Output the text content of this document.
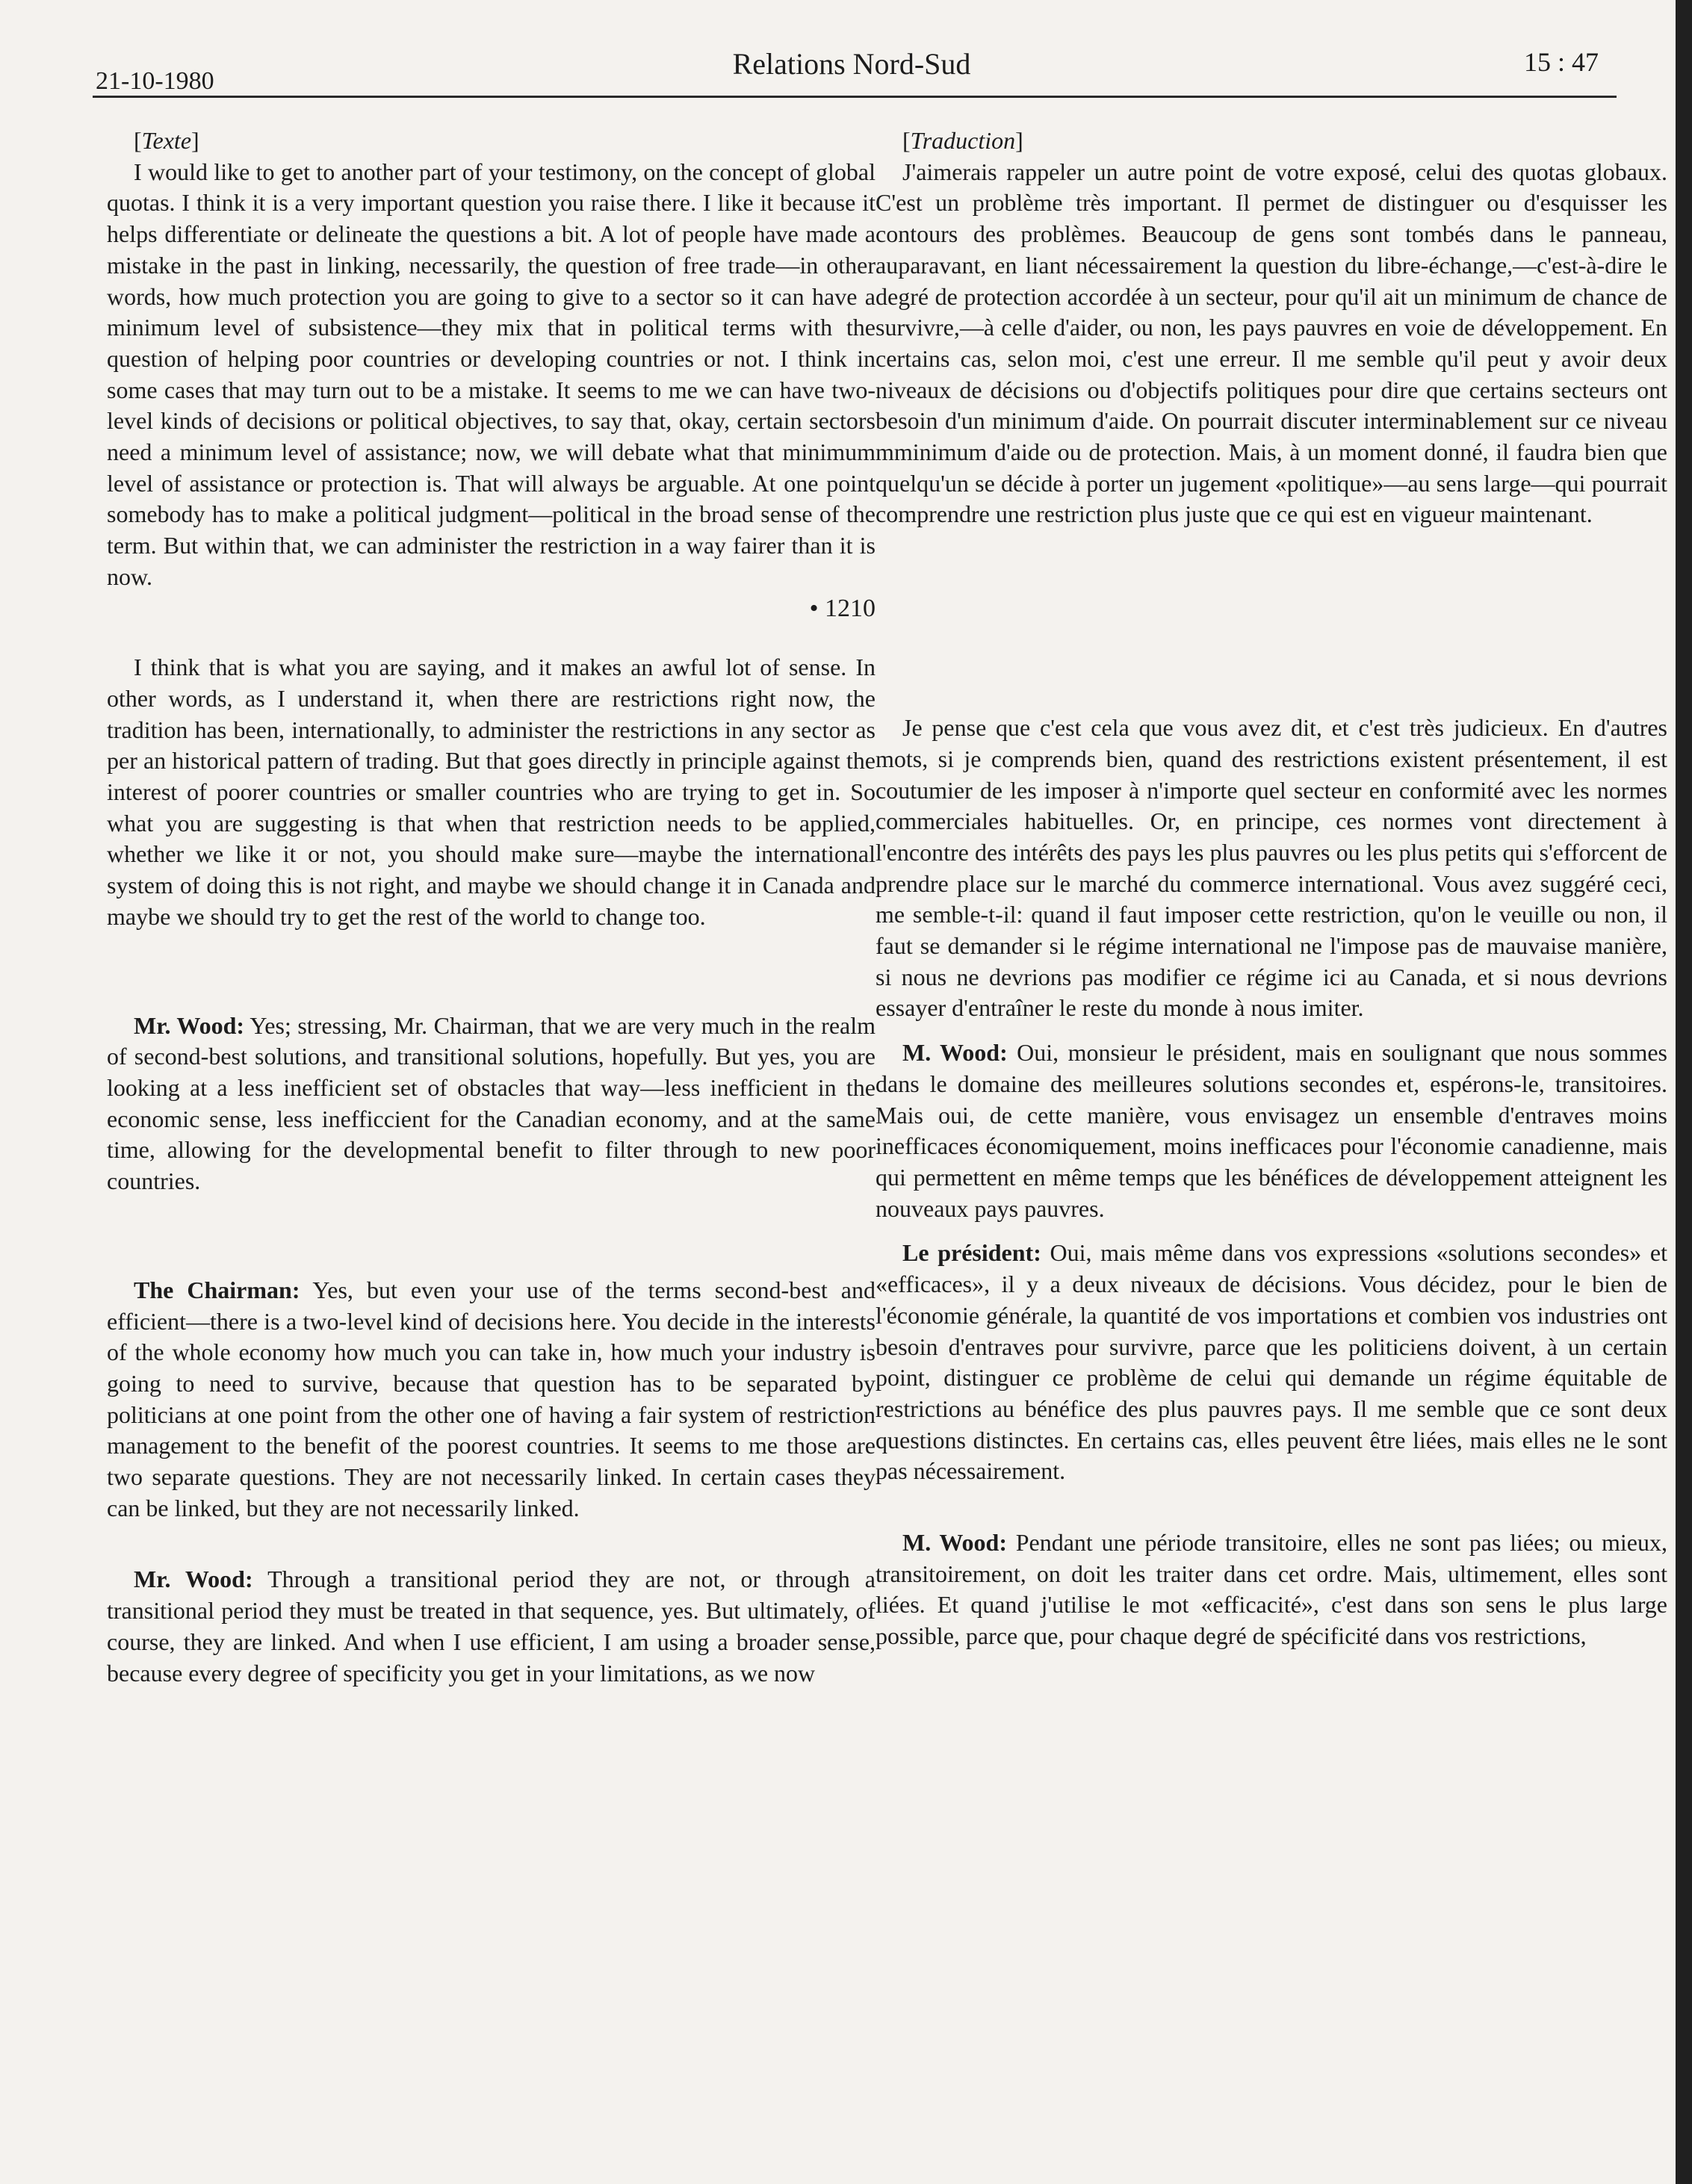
21-10-1980
Relations Nord-Sud	15 : 47

[Texte]

I would like to get to another part of your testimony, on the concept of global quotas. I think it is a very important question you raise there. I like it because it helps differentiate or delineate the questions a bit. A lot of people have made a mistake in the past in linking, necessarily, the question of free trade—in other words, how much protection you are going to give to a sector so it can have a minimum level of subsistence—they mix that in political terms with the question of helping poor countries or developing countries or not. I think in some cases that may turn out to be a mistake. It seems to me we can have two-level kinds of decisions or political objectives, to say that, okay, certain sectors need a minimum level of assistance; now, we will debate what that minimum level of assistance or protection is. That will always be arguable. At one point somebody has to make a political judgment—political in the broad sense of the term. But within that, we can administer the restriction in a way fairer than it is now.

• 1210

I think that is what you are saying, and it makes an awful lot of sense. In other words, as I understand it, when there are restrictions right now, the tradition has been, internationally, to administer the restrictions in any sector as per an historical pattern of trading. But that goes directly in principle against the interest of poorer countries or smaller countries who are trying to get in. So what you are suggesting is that when that restriction needs to be applied, whether we like it or not, you should make sure—maybe the international system of doing this is not right, and maybe we should change it in Canada and maybe we should try to get the rest of the world to change too.

Mr. Wood: Yes; stressing, Mr. Chairman, that we are very much in the realm of second-best solutions, and transitional solutions, hopefully. But yes, you are looking at a less inefficient set of obstacles that way—less inefficient in the economic sense, less inefficcient for the Canadian economy, and at the same time, allowing for the developmental benefit to filter through to new poor countries.

The Chairman: Yes, but even your use of the terms second-best and efficient—there is a two-level kind of decisions here. You decide in the interests of the whole economy how much you can take in, how much your industry is going to need to survive, because that question has to be separated by politicians at one point from the other one of having a fair system of restriction management to the benefit of the poorest countries. It seems to me those are two separate questions. They are not necessarily linked. In certain cases they can be linked, but they are not necessarily linked.

Mr. Wood: Through a transitional period they are not, or through a transitional period they must be treated in that sequence, yes. But ultimately, of course, they are linked. And when I use efficient, I am using a broader sense, because every degree of specificity you get in your limitations, as we now

[Traduction]

J'aimerais rappeler un autre point de votre exposé, celui des quotas globaux. C'est un problème très important. Il permet de distinguer ou d'esquisser les contours des problèmes. Beaucoup de gens sont tombés dans le panneau, auparavant, en liant nécessairement la question du libre-échange,—c'est-à-dire le degré de protection accordée à un secteur, pour qu'il ait un minimum de chance de survivre,—à celle d'aider, ou non, les pays pauvres en voie de développement. En certains cas, selon moi, c'est une erreur. Il me semble qu'il peut y avoir deux niveaux de décisions ou d'objectifs politiques pour dire que certains secteurs ont besoin d'un minimum d'aide. On pourrait discuter interminablement sur ce niveau mminimum d'aide ou de protection. Mais, à un moment donné, il faudra bien que quelqu'un se décide à porter un jugement «politique»—au sens large—qui pourrait comprendre une restriction plus juste que ce qui est en vigueur maintenant.

Je pense que c'est cela que vous avez dit, et c'est très judicieux. En d'autres mots, si je comprends bien, quand des restrictions existent présentement, il est coutumier de les imposer à n'importe quel secteur en conformité avec les normes commerciales habituelles. Or, en principe, ces normes vont directement à l'encontre des intérêts des pays les plus pauvres ou les plus petits qui s'efforcent de prendre place sur le marché du commerce international. Vous avez suggéré ceci, me semble-t-il: quand il faut imposer cette restriction, qu'on le veuille ou non, il faut se demander si le régime international ne l'impose pas de mauvaise manière, si nous ne devrions pas modifier ce régime ici au Canada, et si nous devrions essayer d'entraîner le reste du monde à nous imiter.

M. Wood: Oui, monsieur le président, mais en soulignant que nous sommes dans le domaine des meilleures solutions secondes et, espérons-le, transitoires. Mais oui, de cette manière, vous envisagez un ensemble d'entraves moins inefficaces économiquement, moins inefficaces pour l'économie canadienne, mais qui permettent en même temps que les bénéfices de développement atteignent les nouveaux pays pauvres.

Le président: Oui, mais même dans vos expressions «solutions secondes» et «efficaces», il y a deux niveaux de décisions. Vous décidez, pour le bien de l'économie générale, la quantité de vos importations et combien vos industries ont besoin d'entraves pour survivre, parce que les politiciens doivent, à un certain point, distinguer ce problème de celui qui demande un régime équitable de restrictions au bénéfice des plus pauvres pays. Il me semble que ce sont deux questions distinctes. En certains cas, elles peuvent être liées, mais elles ne le sont pas nécessairement.

M. Wood: Pendant une période transitoire, elles ne sont pas liées; ou mieux, transitoirement, on doit les traiter dans cet ordre. Mais, ultimement, elles sont liées. Et quand j'utilise le mot «efficacité», c'est dans son sens le plus large possible, parce que, pour chaque degré de spécificité dans vos restrictions,
